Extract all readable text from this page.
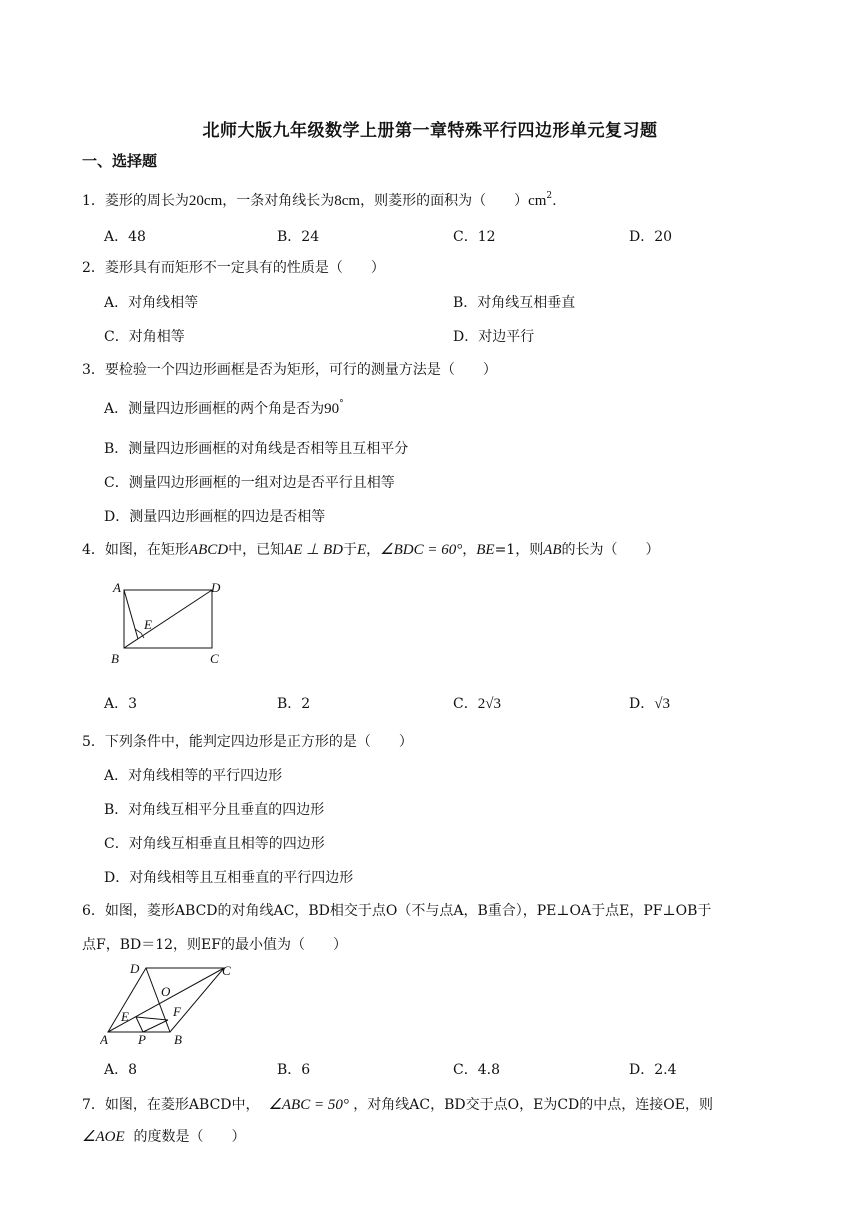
北师大版九年级数学上册第一章特殊平行四边形单元复习题
一、选择题
1．菱形的周长为20cm，一条对角线长为8cm，则菱形的面积为（　　）$cm^2$.
A．48	B．24	C．12	D．20
2．菱形具有而矩形不一定具有的性质是（　　）
A．对角线相等	B．对角线互相垂直
C．对角相等	D．对边平行
3．要检验一个四边形画框是否为矩形，可行的测量方法是（　　）
A．测量四边形画框的两个角是否为90°
B．测量四边形画框的对角线是否相等且互相平分
C．测量四边形画框的一组对边是否平行且相等
D．测量四边形画框的四边是否相等
4．如图，在矩形ABCD中，已知AE ⊥ BD于E，∠BDC = 60°，BE=1，则AB的长为（　　）
A	D
E
B	C
A．3	B．2	C．2√3	D．√3
5．下列条件中，能判定四边形是正方形的是（　　）
A．对角线相等的平行四边形
B．对角线互相平分且垂直的四边形
C．对角线互相垂直且相等的四边形
D．对角线相等且互相垂直的平行四边形
6．如图，菱形ABCD的对角线AC，BD相交于点O（不与点A，B重合），PE⊥OA于点E，PF⊥OB于
点F，BD＝12，则EF的最小值为（　　）
D	C
O
E	F
A P B
A．8	B．6	C．4.8	D．2.4
7．如图，在菱形ABCD中， ∠ABC = 50° ，对角线AC，BD交于点O，E为CD的中点，连接OE，则
∠AOE 的度数是（　　）
